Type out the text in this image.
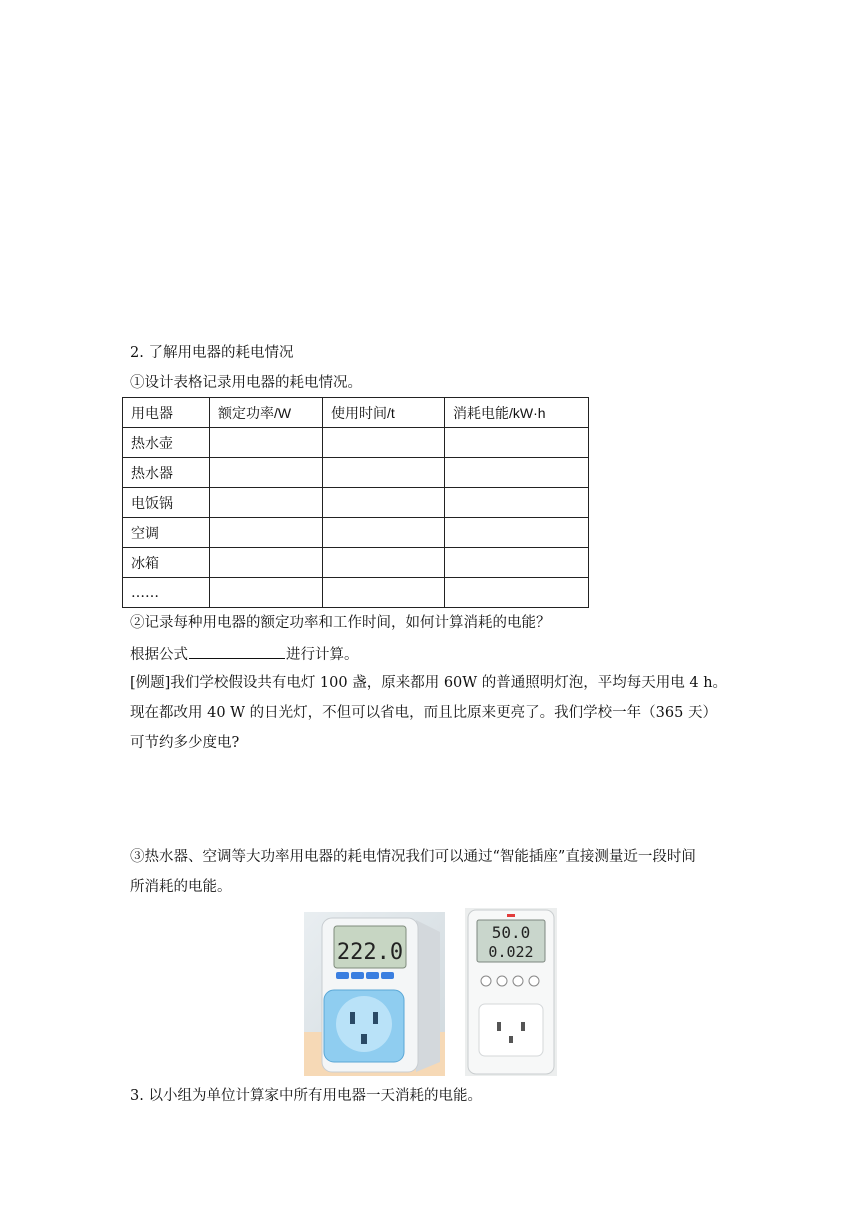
2. 了解用电器的耗电情况
①设计表格记录用电器的耗电情况。
用电器	额定功率/W	使用时间/t	消耗电能/kW·h
热水壶			
热水器			
电饭锅			
空调			
冰箱			
……			
②记录每种用电器的额定功率和工作时间，如何计算消耗的电能？
根据公式	进行计算。
[例题]我们学校假设共有电灯 100 盏，原来都用 60W 的普通照明灯泡，平均每天用电 4 h。
现在都改用 40 W 的日光灯，不但可以省电，而且比原来更亮了。我们学校一年（365 天）
可节约多少度电?
③热水器、空调等大功率用电器的耗电情况我们可以通过“智能插座”直接测量近一段时间
所消耗的电能。
222.0
50.0
0.022
3. 以小组为单位计算家中所有用电器一天消耗的电能。
